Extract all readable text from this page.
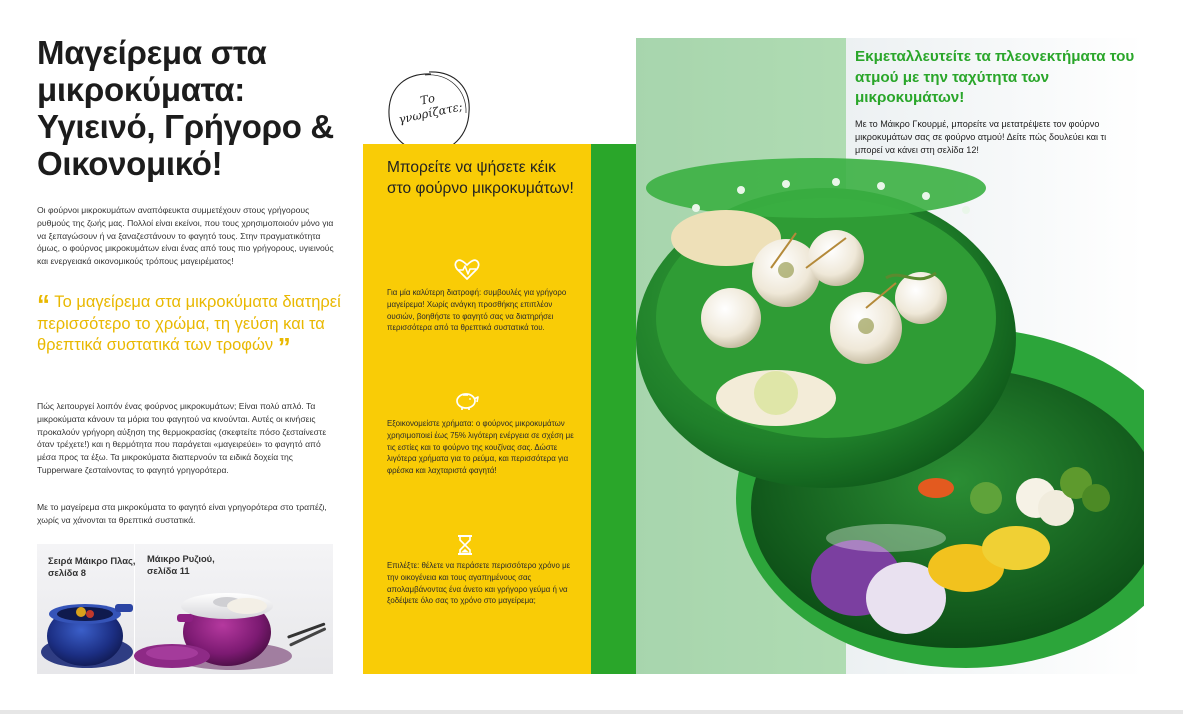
Μαγείρεμα στα μικροκύματα: Υγιεινό, Γρήγορο & Οικονομικό!

Οι φούρνοι μικροκυμάτων αναπόφευκτα συμμετέχουν στους γρήγορους ρυθμούς της ζωής μας. Πολλοί είναι εκείνοι, που τους χρησιμοποιούν μόνο για να ξεπαγώσουν ή να ξαναζεστάνουν το φαγητό τους. Στην πραγματικότητα όμως, ο φούρνος μικροκυμάτων είναι ένας από τους πιο γρήγορους, υγιεινούς και ενεργειακά οικονομικούς τρόπους μαγειρέματος!

“ Το μαγείρεμα στα μικροκύματα διατηρεί περισσότερο το χρώμα, τη γεύση και τα θρεπτικά συστατικά των τροφών ”

Πώς λειτουργεί λοιπόν ένας φούρνος μικροκυμάτων; Είναι πολύ απλό. Τα μικροκύματα κάνουν τα μόρια του φαγητού να κινούνται. Αυτές οι κινήσεις προκαλούν γρήγορη αύξηση της θερμοκρασίας (σκεφτείτε πόσο ζεσταίνεστε όταν τρέχετε!) και η θερμότητα που παράγεται «μαγειρεύει» το φαγητό από μέσα προς τα έξω. Τα μικροκύματα διαπερνούν τα ειδικά δοχεία της Tupperware ζεσταίνοντας το φαγητό γρηγορότερα.

Με το μαγείρεμα στα μικροκύματα το φαγητό είναι γρηγορότερα στο τραπέζι, χωρίς να χάνονται τα θρεπτικά συστατικά.

Σειρά Μάικρο Πλας, σελίδα 8
Μάικρο Ρυζιού, σελίδα 11
Το γνωρίζατε;

Μπορείτε να ψήσετε κέικ στο φούρνο μικροκυμάτων!

Για μία καλύτερη διατροφή: συμβουλές για γρήγορο μαγείρεμα! Χωρίς ανάγκη προσθήκης επιπλέον ουσιών, βοηθήστε το φαγητό σας να διατηρήσει περισσότερα από τα θρεπτικά συστατικά του.

Εξοικονομείστε χρήματα: ο φούρνος μικροκυμάτων χρησιμοποιεί έως 75% λιγότερη ενέργεια σε σχέση με τις εστίες και το φούρνο της κουζίνας σας. Δώστε λιγότερα χρήματα για το ρεύμα, και περισσότερα για φρέσκα και λαχταριστά φαγητά!

Επιλέξτε: θέλετε να περάσετε περισσότερο χρόνο με την οικογένεια και τους αγαπημένους σας απολαμβάνοντας ένα άνετο και γρήγορο γεύμα ή να ξοδέψετε όλο σας το χρόνο στο μαγείρεμα;

Εκμεταλλευτείτε τα πλεονεκτήματα του ατμού με την ταχύτητα των μικροκυμάτων!

Με το Μάικρο Γκουρμέ, μπορείτε να μετατρέψετε τον φούρνο μικροκυμάτων σας σε φούρνο ατμού! Δείτε πώς δουλεύει και τι μπορεί να κάνει στη σελίδα 12!
